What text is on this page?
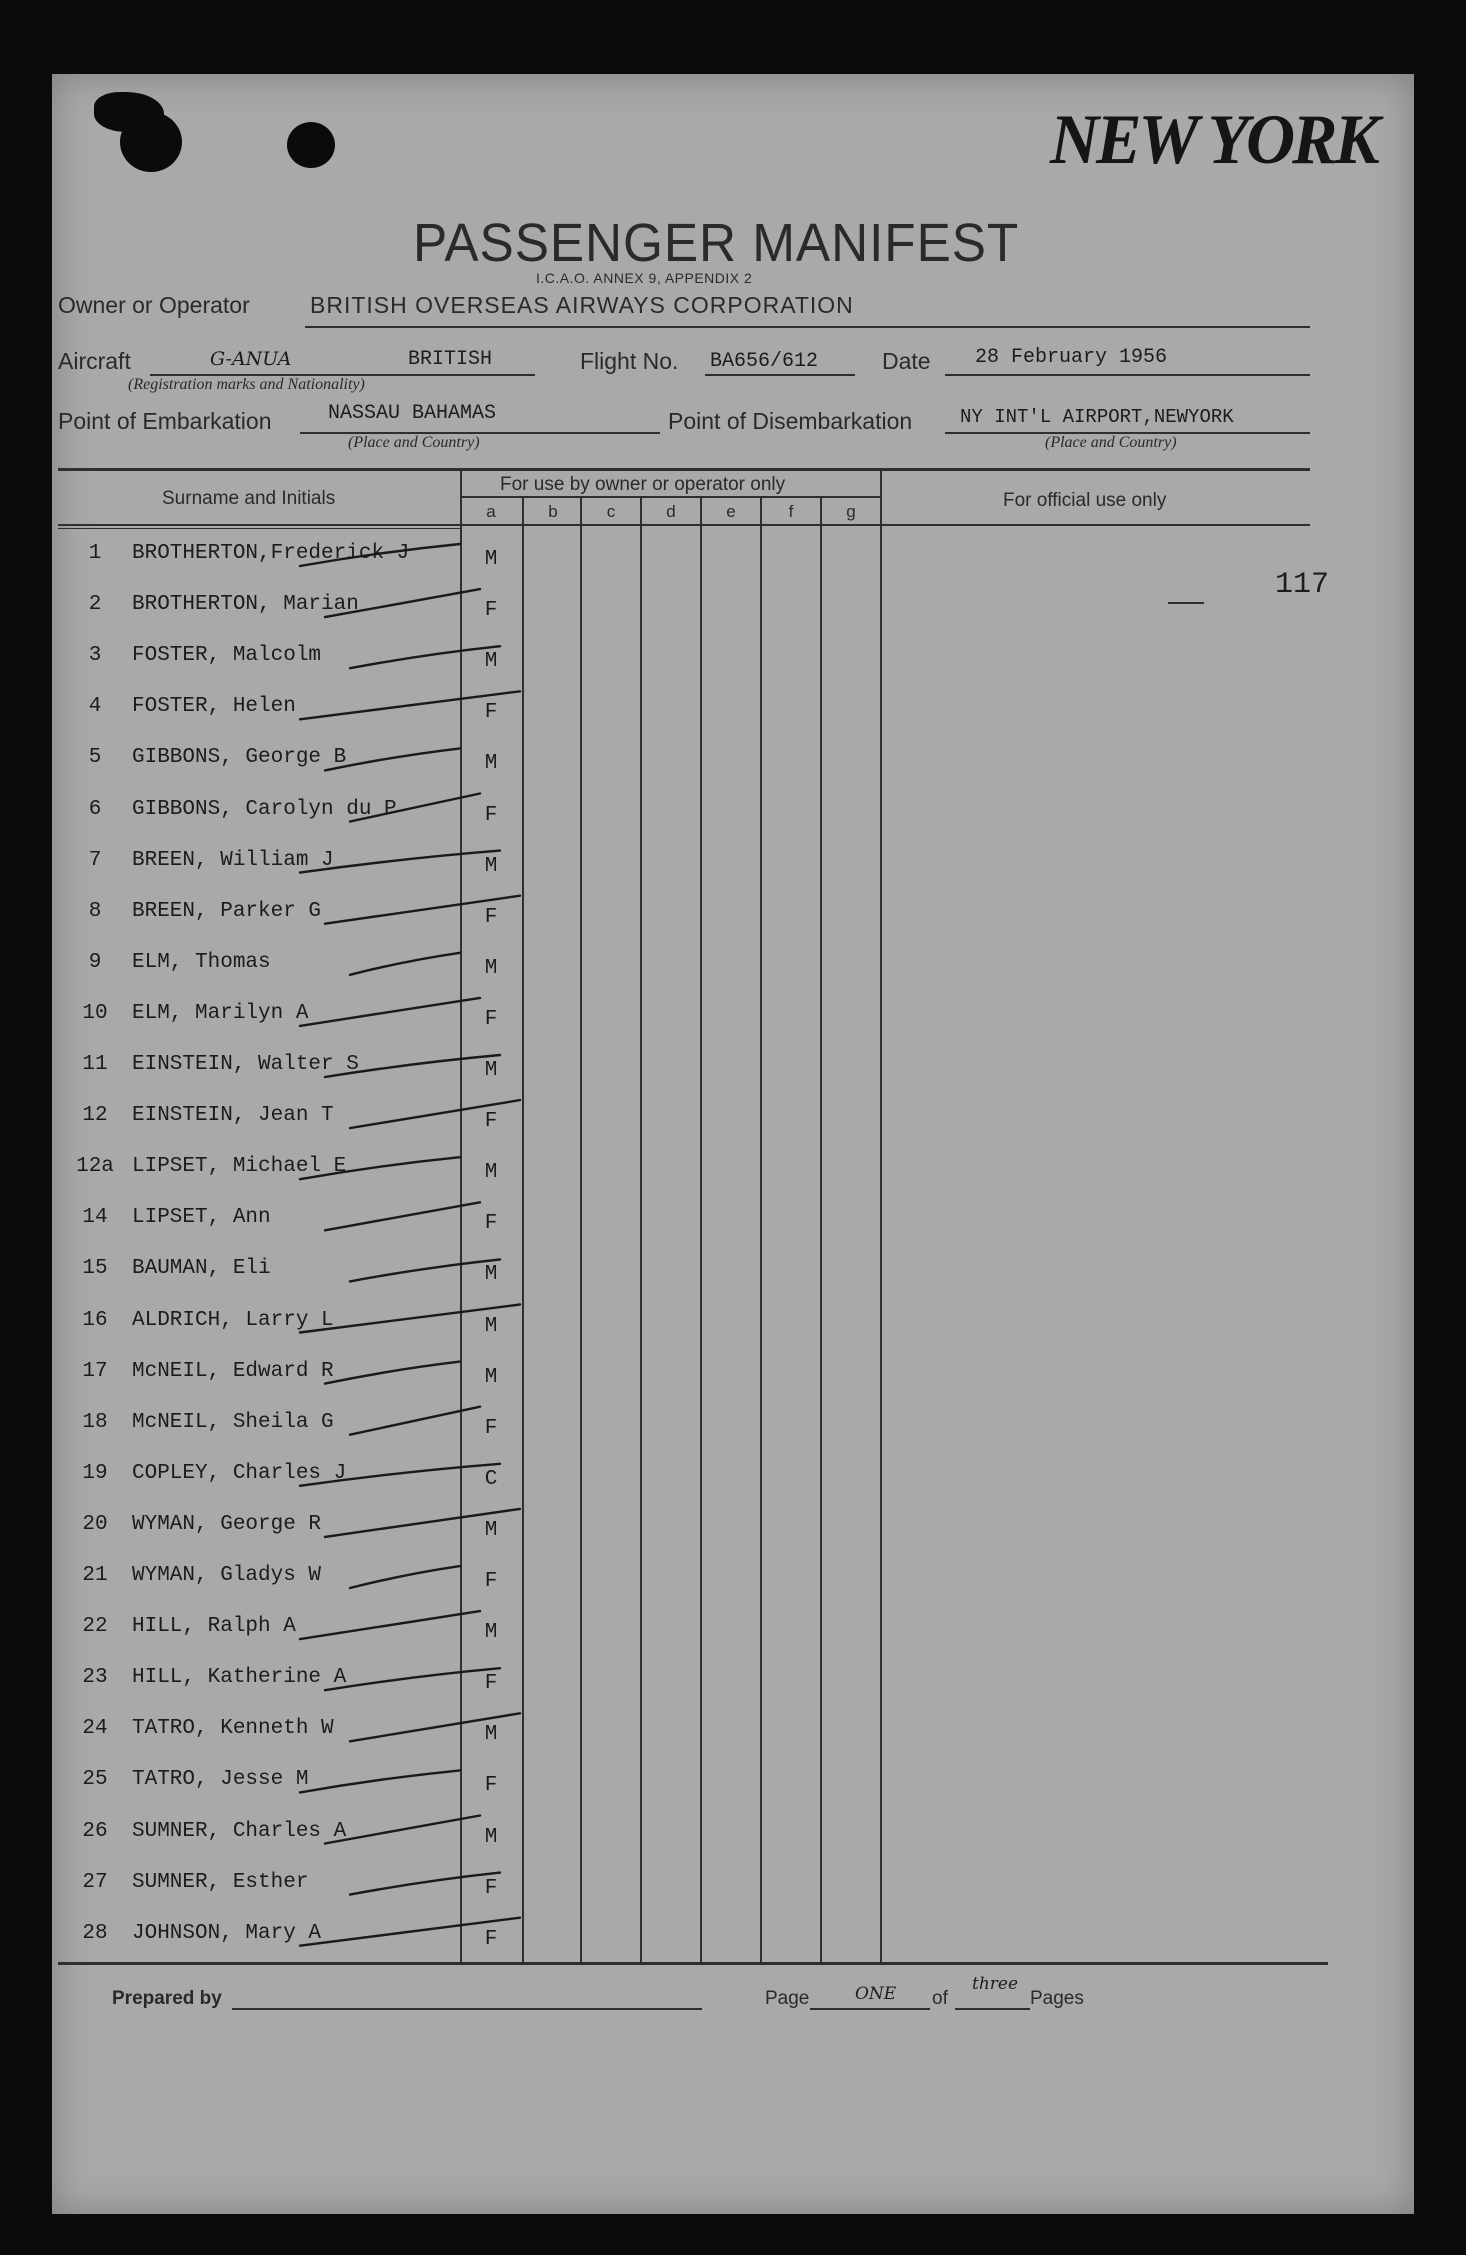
NEW YORK
PASSENGER MANIFEST
I.C.A.O. ANNEX 9, APPENDIX 2
Owner or Operator	BRITISH OVERSEAS AIRWAYS CORPORATION
Aircraft	G-ANUA	BRITISH
(Registration marks and Nationality)
Flight No. BA656/612	Date 28 February 1956
Point of Embarkation	NASSAU BAHAMAS
(Place and Country)
Point of Disembarkation	NY INT'L AIRPORT,NEWYORK
(Place and Country)
Surname and Initials
For use by owner or operator only
For official use only
117
a	b	c	d	e	f	g
1	BROTHERTON,Frederick J	M
2	BROTHERTON, Marian	F
3	FOSTER, Malcolm	M
4	FOSTER, Helen	F
5	GIBBONS, George B	M
6	GIBBONS, Carolyn du P	F
7	BREEN, William J	M
8	BREEN, Parker G	F
9	ELM, Thomas	M
10	ELM, Marilyn A	F
11	EINSTEIN, Walter S	M
12	EINSTEIN, Jean T	F
12a LIPSET, Michael E	M
14	LIPSET, Ann	F
15	BAUMAN, Eli	M
16	ALDRICH, Larry L	M
17	McNEIL, Edward R	M
18	McNEIL, Sheila G	F
19	COPLEY, Charles J	C
20	WYMAN, George R	M
21	WYMAN, Gladys W	F
22	HILL, Ralph A	M
23	HILL, Katherine A	F
24	TATRO, Kenneth W	M
25	TATRO, Jesse M	F
26	SUMNER, Charles A	M
27	SUMNER, Esther	F
28	JOHNSON, Mary A	F
Prepared by	Page	ONE of
three
Pages
